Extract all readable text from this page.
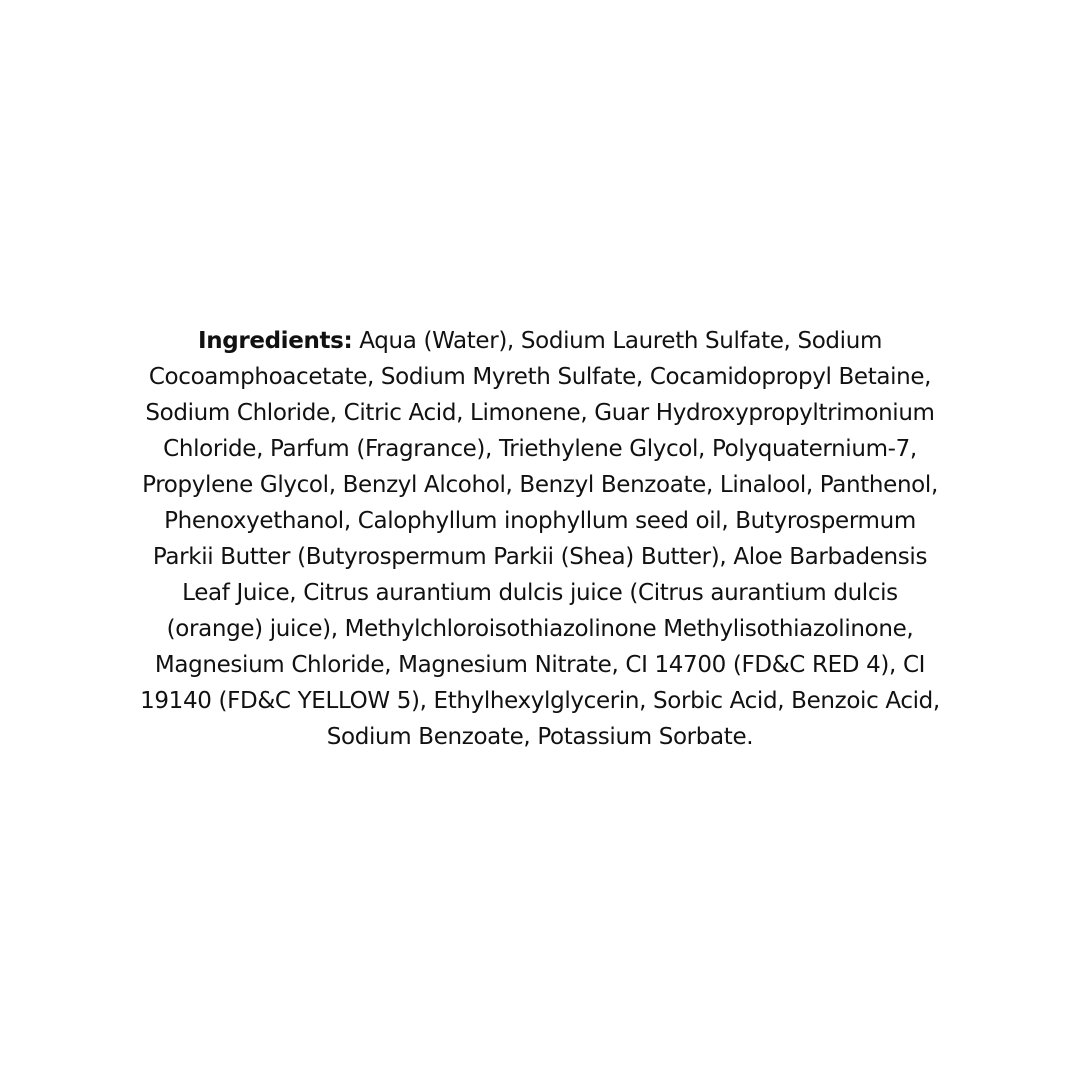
Ingredients: Aqua (Water), Sodium Laureth Sulfate, Sodium
Cocoamphoacetate, Sodium Myreth Sulfate, Cocamidopropyl Betaine,
Sodium Chloride, Citric Acid, Limonene, Guar Hydroxypropyltrimonium
Chloride, Parfum (Fragrance), Triethylene Glycol, Polyquaternium-7,
Propylene Glycol, Benzyl Alcohol, Benzyl Benzoate, Linalool, Panthenol,
Phenoxyethanol, Calophyllum inophyllum seed oil, Butyrospermum
Parkii Butter (Butyrospermum Parkii (Shea) Butter), Aloe Barbadensis
Leaf Juice, Citrus aurantium dulcis juice (Citrus aurantium dulcis
(orange) juice), Methylchloroisothiazolinone Methylisothiazolinone,
Magnesium Chloride, Magnesium Nitrate, CI 14700 (FD&C RED 4), CI
19140 (FD&C YELLOW 5), Ethylhexylglycerin, Sorbic Acid, Benzoic Acid,
Sodium Benzoate, Potassium Sorbate.
